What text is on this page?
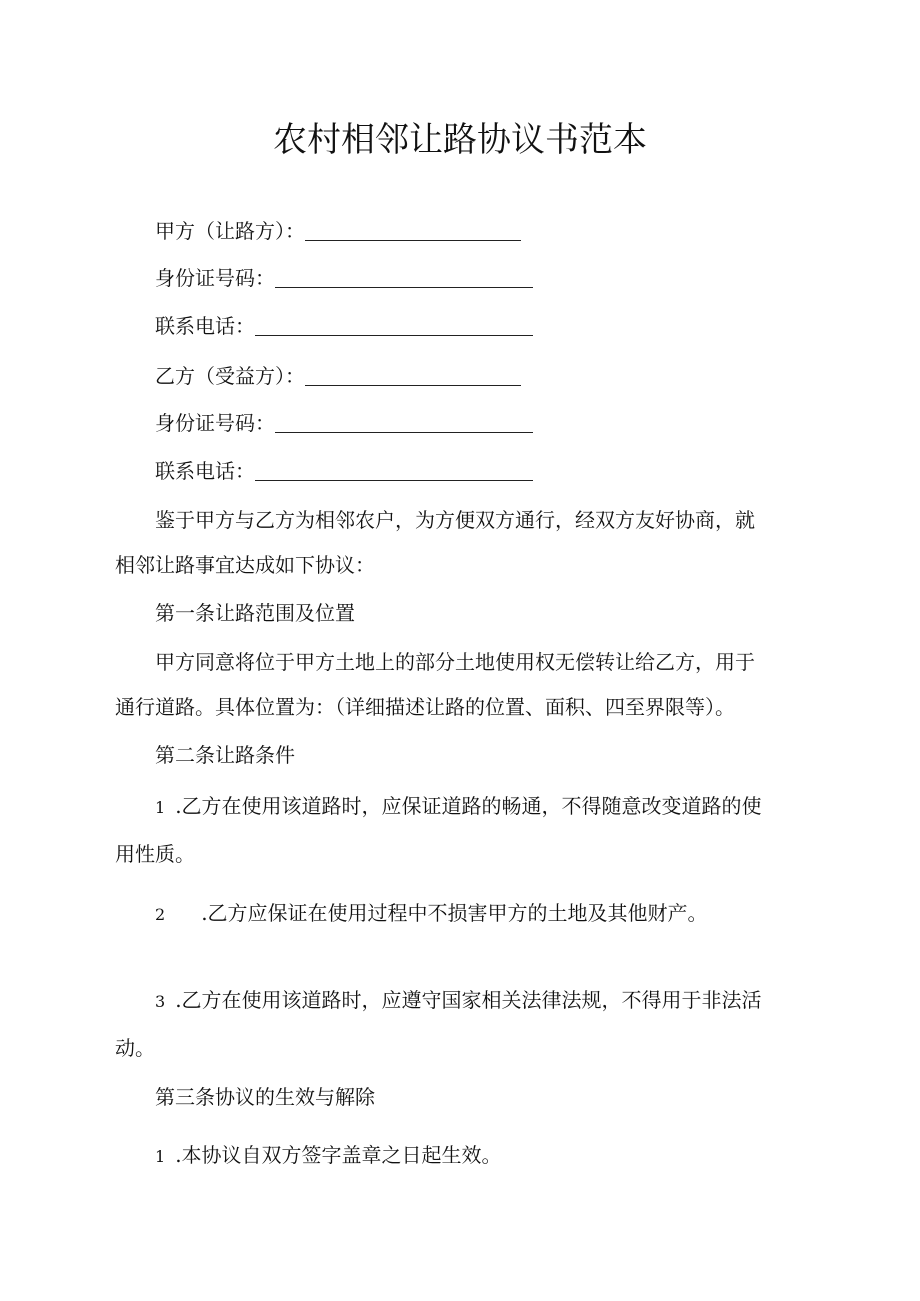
农村相邻让路协议书范本
甲方（让路方）：
身份证号码：
联系电话：
乙方（受益方）：
身份证号码：
联系电话：
鉴于甲方与乙方为相邻农户，为方便双方通行，经双方友好协商，就
相邻让路事宜达成如下协议：
第一条让路范围及位置
甲方同意将位于甲方土地上的部分土地使用权无偿转让给乙方，用于
通行道路。具体位置为：（详细描述让路的位置、面积、四至界限等）。
第二条让路条件
1 .乙方在使用该道路时，应保证道路的畅通，不得随意改变道路的使
用性质。
2 .乙方应保证在使用过程中不损害甲方的土地及其他财产。
3 .乙方在使用该道路时，应遵守国家相关法律法规，不得用于非法活
动。
第三条协议的生效与解除
1 .本协议自双方签字盖章之日起生效。
